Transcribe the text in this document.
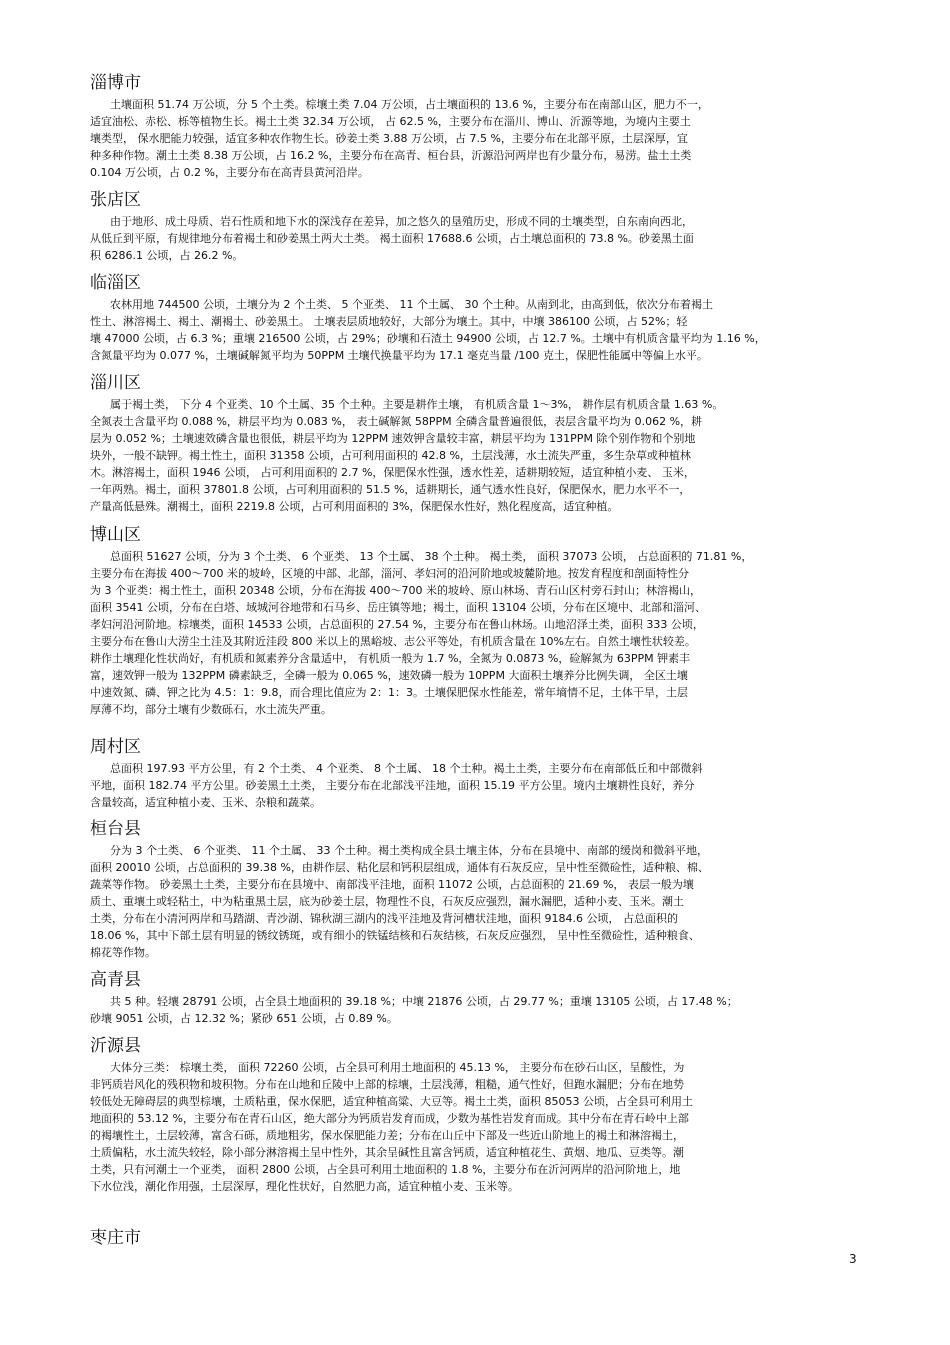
淄博市

土壤面积 51.74 万公顷，分 5 个土类。棕壤土类 7.04 万公顷，占土壤面积的 13.6 %，主要分布在南部山区，肥力不一，

适宜油松、赤松、栎等植物生长。褐土土类 32.34 万公顷， 占 62.5 %，主要分布在淄川、博山、沂源等地，为境内主要土

壤类型， 保水肥能力较强，适宜多种农作物生长。砂姜土类 3.88 万公顷，占 7.5 %，主要分布在北部平原，土层深厚，宜

种多种作物。潮土土类 8.38 万公顷，占 16.2 %，主要分布在高青、桓台县，沂源沿河两岸也有少量分布，易涝。盐土土类

0.104 万公顷，占 0.2 %，主要分布在高青县黄河沿岸。

张店区

由于地形、成土母质、岩石性质和地下水的深浅存在差异，加之悠久的垦殖历史，形成不同的土壤类型，自东南向西北，

从低丘到平原，有规律地分布着褐土和砂姜黑土两大土类。 褐土面积 17688.6 公顷，占土壤总面积的 73.8 %。砂姜黑土面

积 6286.1 公顷，占 26.2 %。

临淄区

农林用地 744500 公顷，土壤分为 2 个土类、 5 个亚类、 11 个土属、 30 个土种。从南到北，由高到低，依次分布着褐土

性土、淋溶褐土、褐土、潮褐土、砂姜黑土。 土壤表层质地较好，大部分为壤土。其中，中壤 386100 公顷，占 52%；轻

壤 47000 公顷，占 6.3 %；重壤 216500 公顷，占 29%；砂壤和石渣土 94900 公顷，占 12.7 %。土壤中有机质含量平均为 1.16 %，

含氮量平均为 0.077 %，土壤碱解氮平均为 50PPM 土壤代换量平均为 17.1 毫克当量 /100 克土，保肥性能属中等偏上水平。

淄川区

属于褐土类， 下分 4 个亚类、10 个土属、35 个土种。主要是耕作土壤， 有机质含量 1～3%， 耕作层有机质含量 1.63 %。

全氮表土含量平均 0.088 %，耕层平均为 0.083 %， 表土碱解氮 58PPM 全磷含量普遍很低，表层含量平均为 0.062 %，耕

层为 0.052 %；土壤速效磷含量也很低，耕层平均为 12PPM 速效钾含量较丰富，耕层平均为 131PPM 除个别作物和个别地

块外，一般不缺钾。褐土性土，面积 31358 公顷，占可利用面积的 42.8 %，土层浅薄，水土流失严重，多生杂草或种植林

木。淋溶褐土，面积 1946 公顷， 占可利用面积的 2.7 %，保肥保水性强，透水性差，适耕期较短，适宜种植小麦、 玉米，

一年两熟。褐土，面积 37801.8 公顷，占可利用面积的 51.5 %，适耕期长，通气透水性良好，保肥保水，肥力水平不一，

产量高低悬殊。潮褐土，面积 2219.8 公顷，占可利用面积的 3%，保肥保水性好，熟化程度高，适宜种植。

博山区

总面积 51627 公顷，分为 3 个土类、 6 个亚类、 13 个土属、 38 个土种。 褐土类， 面积 37073 公顷， 占总面积的 71.81 %，

主要分布在海拔 400～700 米的坡岭，区境的中部、北部，淄河、孝妇河的沿河阶地或坡麓阶地。按发育程度和剖面特性分

为 3 个亚类：褐土性土，面积 20348 公顷，分布在海拔 400～700 米的坡岭、原山林场、青石山区村旁石封山；林溶褐山，

面积 3541 公顷，分布在白塔、域城河谷地带和石马乡、岳庄镇等地；褐土，面积 13104 公顷，分布在区境中、北部和淄河、

孝妇河沿河阶地。棕壤类，面积 14533 公顷，占总面积的 27.54 %，主要分布在鲁山林场。山地沼泽土类，面积 333 公顷，

主要分布在鲁山大涝尘土洼及其附近洼段 800 米以上的黑峪坡、志公平等处，有机质含量在 10%左右。自然土壤性状较差。

耕作土壤理化性状尚好，有机质和氮素养分含量适中， 有机质一般为 1.7 %，全氮为 0.0873 %，硷解氮为 63PPM 钾素丰

富，速效钾一般为 132PPM 磷素缺乏，全磷一般为 0.065 %，速效磷一般为 10PPM 大面积土壤养分比例失调， 全区土壤

中速效氮、磷、钾之比为 4.5：1：9.8，而合理比值应为 2：1：3。土壤保肥保水性能差，常年墒情不足，土体干旱，土层

厚薄不均，部分土壤有少数砾石，水土流失严重。

周村区

总面积 197.93 平方公里，有 2 个土类、 4 个亚类、 8 个土属、 18 个土种。褐土土类，主要分布在南部低丘和中部微斜

平地，面积 182.74 平方公里。砂姜黑土土类， 主要分布在北部浅平洼地，面积 15.19 平方公里。境内土壤耕性良好，养分

含量较高，适宜种植小麦、玉米、杂粮和蔬菜。

桓台县

分为 3 个土类、 6 个亚类、 11 个土属、 33 个土种。褐土类构成全县土壤主体，分布在县境中、南部的缓岗和微斜平地，

面积 20010 公顷，占总面积的 39.38 %，由耕作层、粘化层和钙积层组成，通体有石灰反应，呈中性至微硷性，适种粮、棉、

蔬菜等作物。 砂姜黑土土类，主要分布在县境中、南部浅平洼地，面积 11072 公顷，占总面积的 21.69 %， 表层一般为壤

质土、重壤土或轻粘土，中为粘重黑土层，底为砂姜土层，物理性不良，石灰反应强烈，漏水漏肥，适种小麦、玉米。潮土

土类，分布在小清河两岸和马踏湖、青沙湖、锦秋湖三湖内的浅平洼地及背河槽状洼地，面积 9184.6 公顷， 占总面积的

18.06 %，其中下部土层有明显的锈纹锈斑，或有细小的铁锰结核和石灰结核，石灰反应强烈， 呈中性至微硷性，适种粮食、

棉花等作物。

高青县

共 5 种。轻壤 28791 公顷，占全县土地面积的 39.18 %；中壤 21876 公顷，占 29.77 %；重壤 13105 公顷，占 17.48 %；

砂壤 9051 公顷，占 12.32 %；紧砂 651 公顷，占 0.89 %。

沂源县

大体分三类： 棕壤土类， 面积 72260 公顷，占全县可利用土地面积的 45.13 %， 主要分布在砂石山区，呈酸性，为

非钙质岩风化的残积物和坡积物。分布在山地和丘陵中上部的棕壤，土层浅薄，粗糙，通气性好，但跑水漏肥；分布在地势

较低处无障碍层的典型棕壤，土质粘重，保水保肥，适宜种植高粱、大豆等。褐土土类，面积 85053 公顷，占全县可利用土

地面积的 53.12 %，主要分布在青石山区，绝大部分为钙质岩发育而成，少数为基性岩发育而成。其中分布在青石岭中上部

的褐壤性土，土层较薄，富含石砾，质地粗劣，保水保肥能力差；分布在山丘中下部及一些近山阶地上的褐土和淋溶褐土，

土质偏粘，水土流失较轻，除小部分淋溶褐土呈中性外，其余呈碱性且富含钙质，适宜种植花生、黄烟、地瓜、豆类等。潮

土类，只有河潮土一个亚类， 面积 2800 公顷，占全县可利用土地面积的 1.8 %，主要分布在沂河两岸的沿河阶地上，地

下水位浅，潮化作用强，土层深厚，理化性状好，自然肥力高，适宜种植小麦、玉米等。

枣庄市
3
